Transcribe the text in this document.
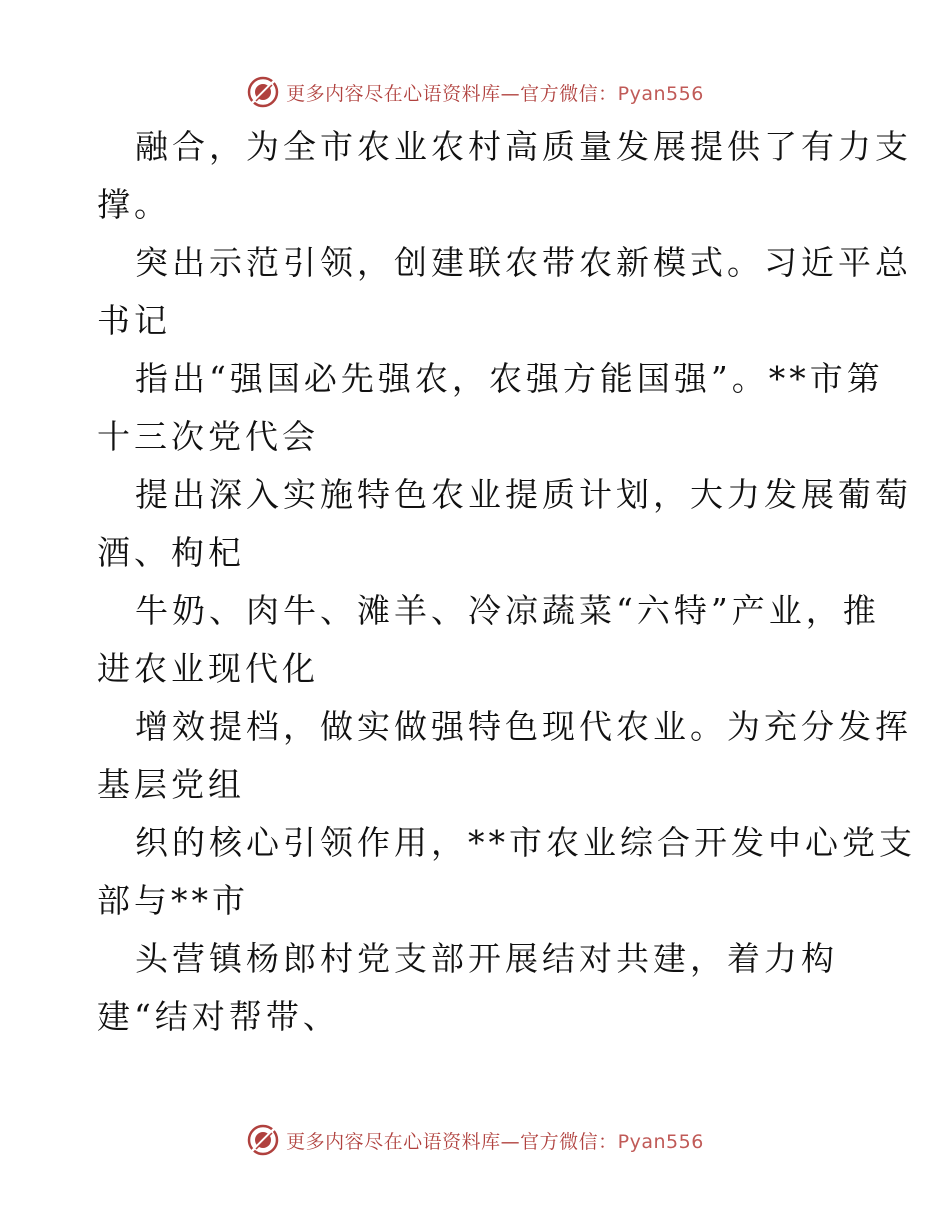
更多内容尽在心语资料库—官方微信：Pyan556
融合，为全市农业农村高质量发展提供了有力支
撑。
突出示范引领，创建联农带农新模式。习近平总
书记
指出“强国必先强农，农强方能国强”。**市第
十三次党代会
提出深入实施特色农业提质计划，大力发展葡萄
酒、枸杞
牛奶、肉牛、滩羊、冷凉蔬菜“六特”产业，推
进农业现代化
增效提档，做实做强特色现代农业。为充分发挥
基层党组
织的核心引领作用，**市农业综合开发中心党支
部与**市
头营镇杨郎村党支部开展结对共建，着力构
建“结对帮带、
更多内容尽在心语资料库—官方微信：Pyan556
